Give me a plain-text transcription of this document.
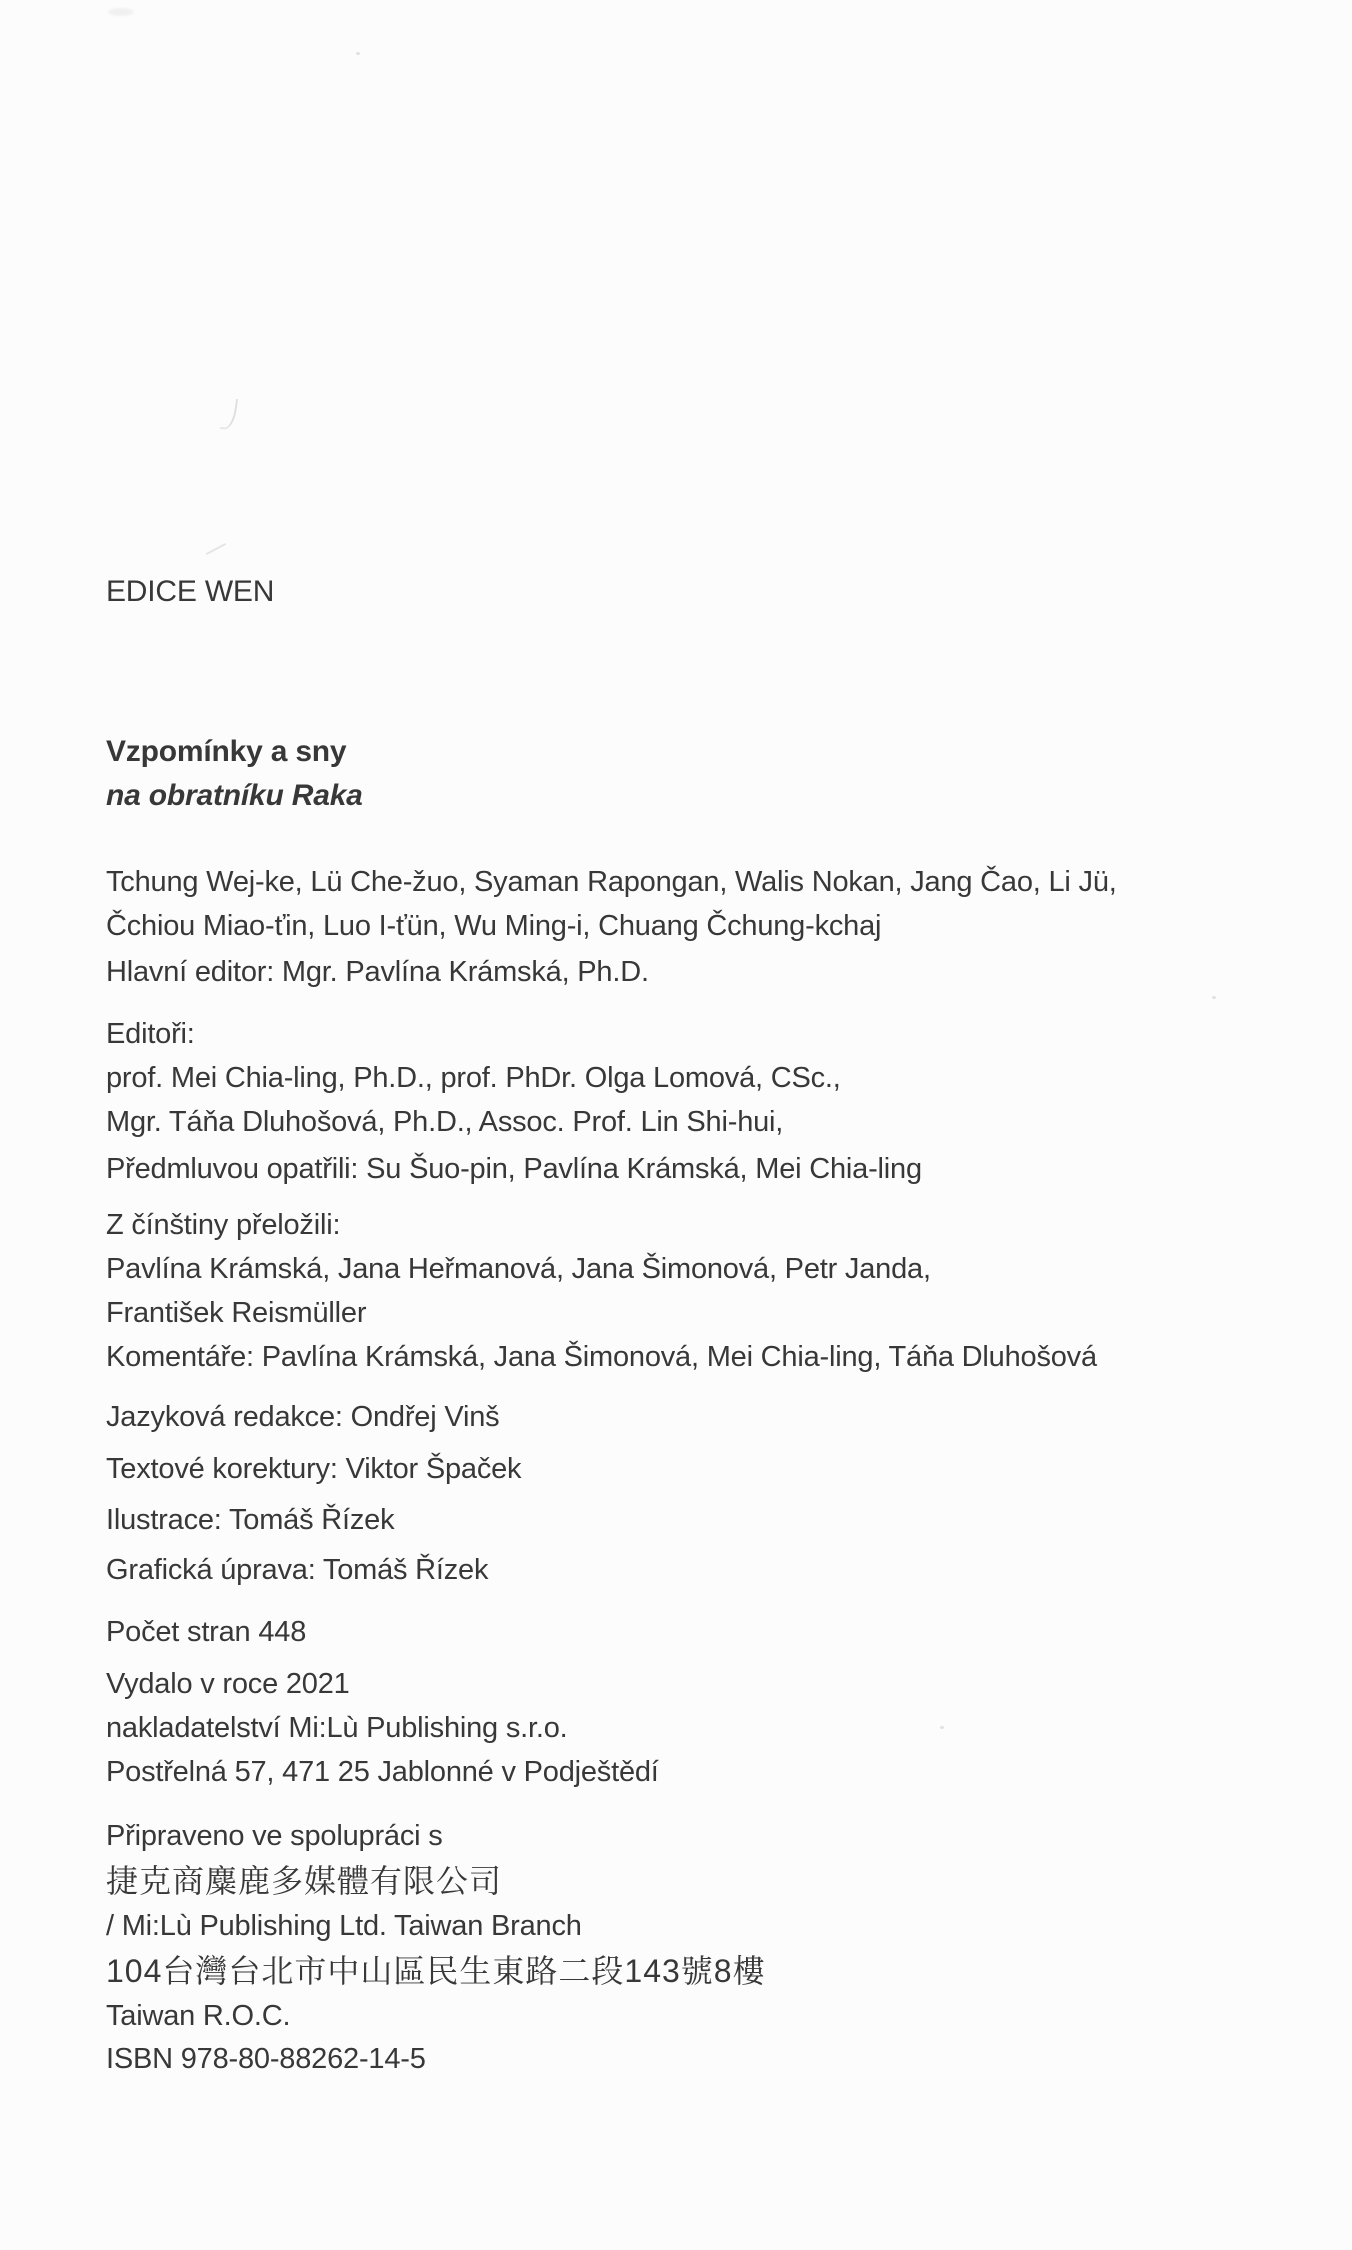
EDICE WEN
Vzpomínky a sny
na obratníku Raka
Tchung Wej-ke, Lü Che-žuo, Syaman Rapongan, Walis Nokan, Jang Čao, Li Jü,
Čchiou Miao-ťin, Luo I-ťün, Wu Ming-i, Chuang Čchung-kchaj
Hlavní editor: Mgr. Pavlína Krámská, Ph.D.
Editoři:
prof. Mei Chia-ling, Ph.D., prof. PhDr. Olga Lomová, CSc.,
Mgr. Táňa Dluhošová, Ph.D., Assoc. Prof. Lin Shi-hui,
Předmluvou opatřili: Su Šuo-pin, Pavlína Krámská, Mei Chia-ling
Z čínštiny přeložili:
Pavlína Krámská, Jana Heřmanová, Jana Šimonová, Petr Janda,
František Reismüller
Komentáře: Pavlína Krámská, Jana Šimonová, Mei Chia-ling, Táňa Dluhošová
Jazyková redakce: Ondřej Vinš
Textové korektury: Viktor Špaček
Ilustrace: Tomáš Řízek
Grafická úprava: Tomáš Řízek
Počet stran 448
Vydalo v roce 2021
nakladatelství Mi:Lù Publishing s.r.o.
Postřelná 57, 471 25 Jablonné v Podještědí
Připraveno ve spolupráci s
捷克商麋鹿多媒體有限公司
/ Mi:Lù Publishing Ltd. Taiwan Branch
104台灣台北市中山區民生東路二段143號8樓
Taiwan R.O.C.
ISBN 978-80-88262-14-5
